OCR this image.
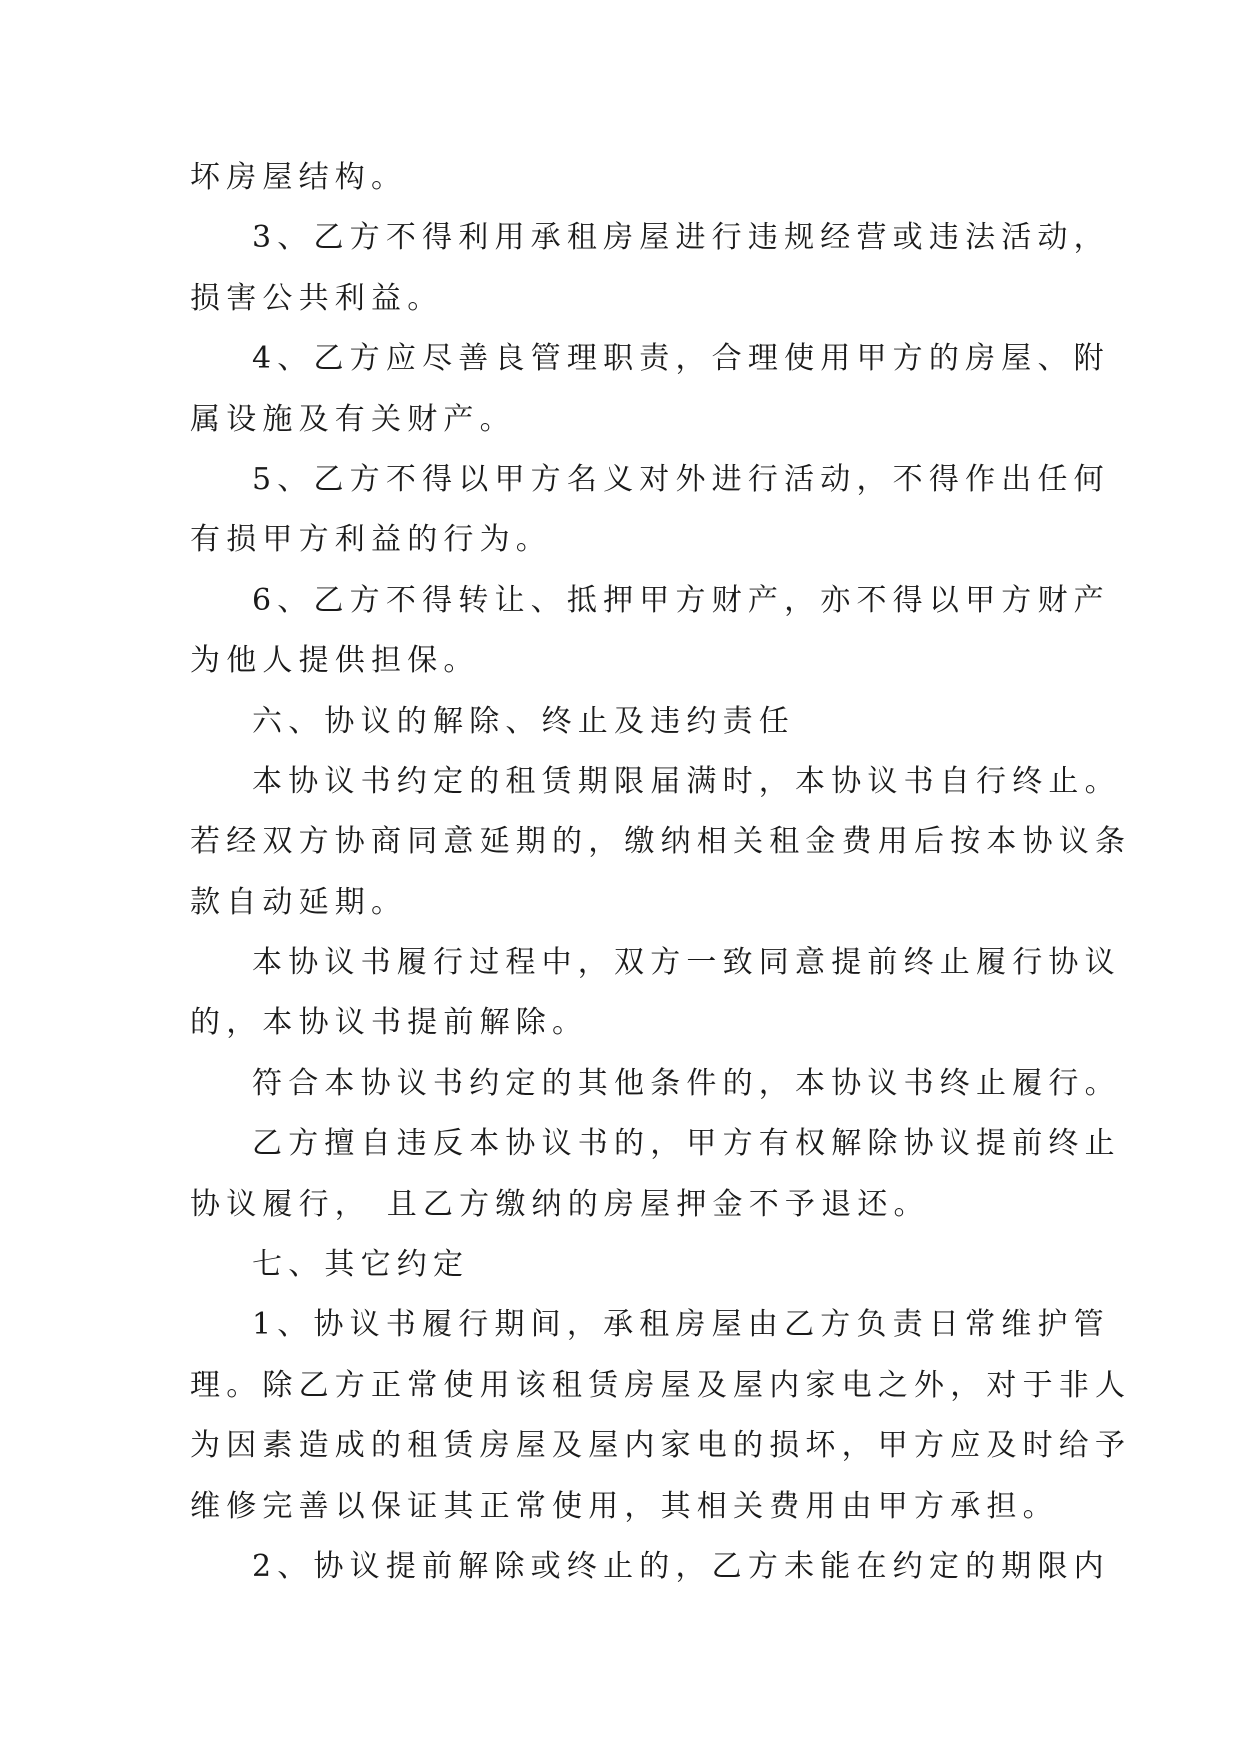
坏房屋结构。
3、乙方不得利用承租房屋进行违规经营或违法活动，
损害公共利益。
4、乙方应尽善良管理职责，合理使用甲方的房屋、附
属设施及有关财产。
5、乙方不得以甲方名义对外进行活动，不得作出任何
有损甲方利益的行为。
6、乙方不得转让、抵押甲方财产，亦不得以甲方财产
为他人提供担保。
六、协议的解除、终止及违约责任
本协议书约定的租赁期限届满时，本协议书自行终止。
若经双方协商同意延期的，缴纳相关租金费用后按本协议条
款自动延期。
本协议书履行过程中，双方一致同意提前终止履行协议
的，本协议书提前解除。
符合本协议书约定的其他条件的，本协议书终止履行。
乙方擅自违反本协议书的，甲方有权解除协议提前终止
协议履行， 且乙方缴纳的房屋押金不予退还。
七、其它约定
1、协议书履行期间，承租房屋由乙方负责日常维护管
理。除乙方正常使用该租赁房屋及屋内家电之外，对于非人
为因素造成的租赁房屋及屋内家电的损坏，甲方应及时给予
维修完善以保证其正常使用，其相关费用由甲方承担。
2、协议提前解除或终止的，乙方未能在约定的期限内
